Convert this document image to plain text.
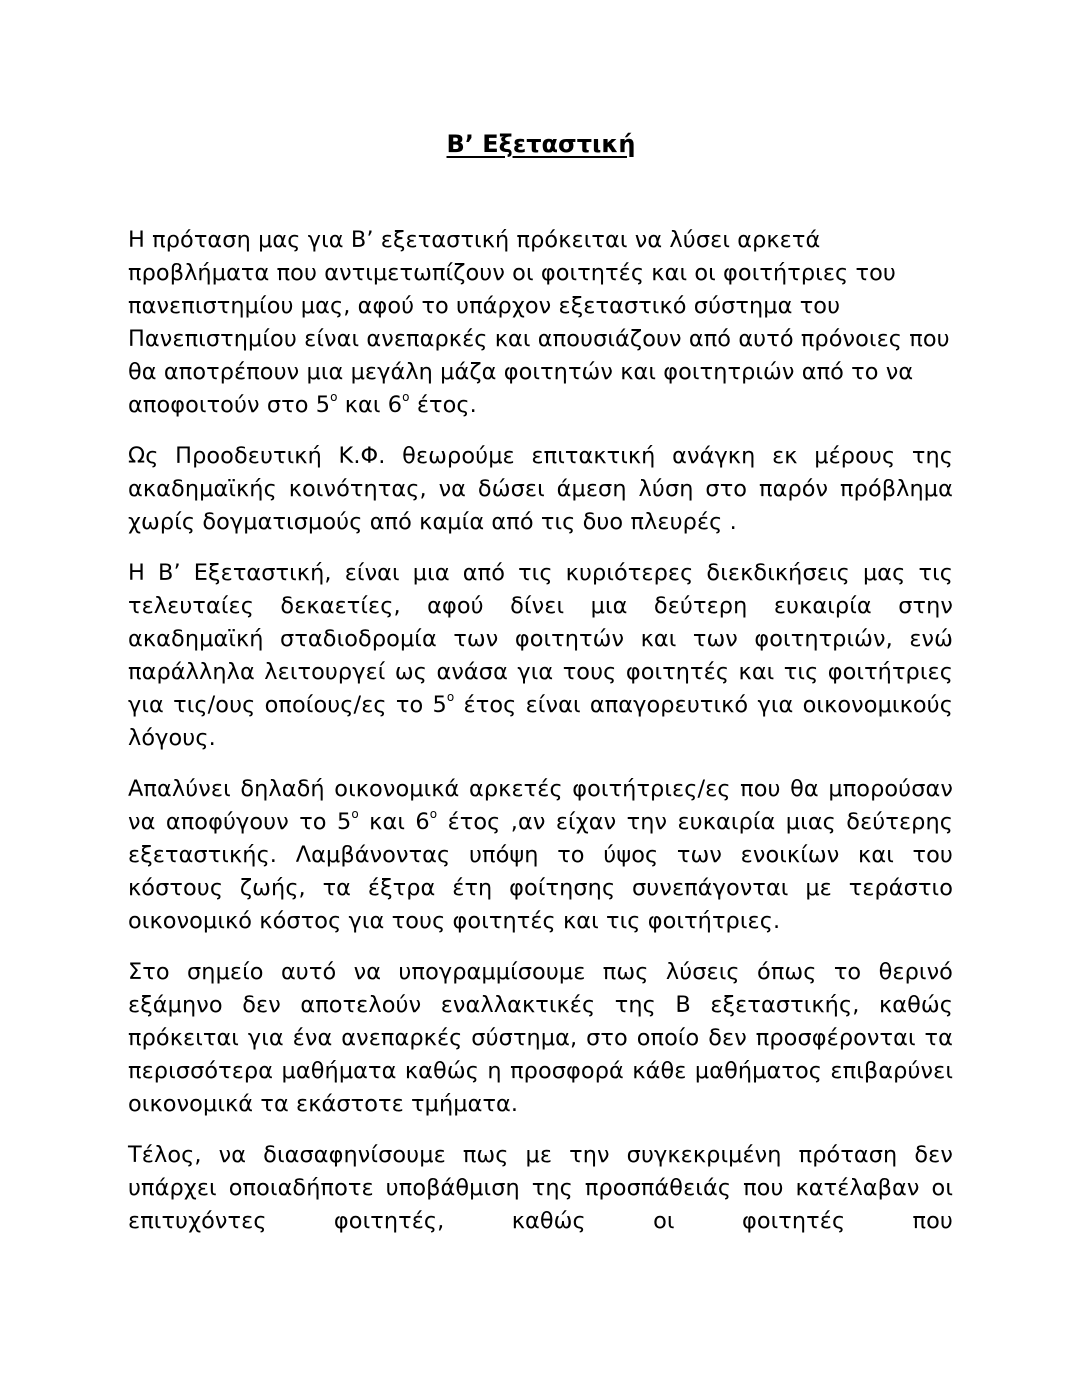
Β’ Εξεταστική

Η πρόταση μας για Β’ εξεταστική πρόκειται να λύσει αρκετά προβλήματα που αντιμετωπίζουν οι φοιτητές και οι φοιτήτριες του πανεπιστημίου μας, αφού το υπάρχον εξεταστικό σύστημα του Πανεπιστημίου είναι ανεπαρκές και απουσιάζουν από αυτό πρόνοιες που θα αποτρέπουν μια μεγάλη μάζα φοιτητών και φοιτητριών από το να αποφοιτούν στο $5^o$ και $6^o$ έτος.

Ως Προοδευτική Κ.Φ. θεωρούμε επιτακτική ανάγκη εκ μέρους της ακαδημαϊκής κοινότητας, να δώσει άμεση λύση στο παρόν πρόβλημα χωρίς δογματισμούς από καμία από τις δυο πλευρές .

Η Β’ Εξεταστική, είναι μια από τις κυριότερες διεκδικήσεις μας τις τελευταίες δεκαετίες, αφού δίνει μια δεύτερη ευκαιρία στην ακαδημαϊκή σταδιοδρομία των φοιτητών και των φοιτητριών, ενώ παράλληλα λειτουργεί ως ανάσα για τους φοιτητές και τις φοιτήτριες για τις/ους οποίους/ες το $5^o$ έτος είναι απαγορευτικό για οικονομικούς λόγους.

Απαλύνει δηλαδή οικονομικά αρκετές φοιτήτριες/ες που θα μπορούσαν να αποφύγουν το $5^o$ και $6^o$ έτος ,αν είχαν την ευκαιρία μιας δεύτερης εξεταστικής. Λαμβάνοντας υπόψη το ύψος των ενοικίων και του κόστους ζωής, τα έξτρα έτη φοίτησης συνεπάγονται με τεράστιο οικονομικό κόστος για τους φοιτητές και τις φοιτήτριες.

Στο σημείο αυτό να υπογραμμίσουμε πως λύσεις όπως το θερινό εξάμηνο δεν αποτελούν εναλλακτικές της Β εξεταστικής, καθώς πρόκειται για ένα ανεπαρκές σύστημα, στο οποίο δεν προσφέρονται τα περισσότερα μαθήματα καθώς η προσφορά κάθε μαθήματος επιβαρύνει οικονομικά τα εκάστοτε τμήματα.

Τέλος, να διασαφηνίσουμε πως με την συγκεκριμένη πρόταση δεν υπάρχει οποιαδήποτε υποβάθμιση της προσπάθειάς που κατέλαβαν οι επιτυχόντες φοιτητές, καθώς οι φοιτητές που
